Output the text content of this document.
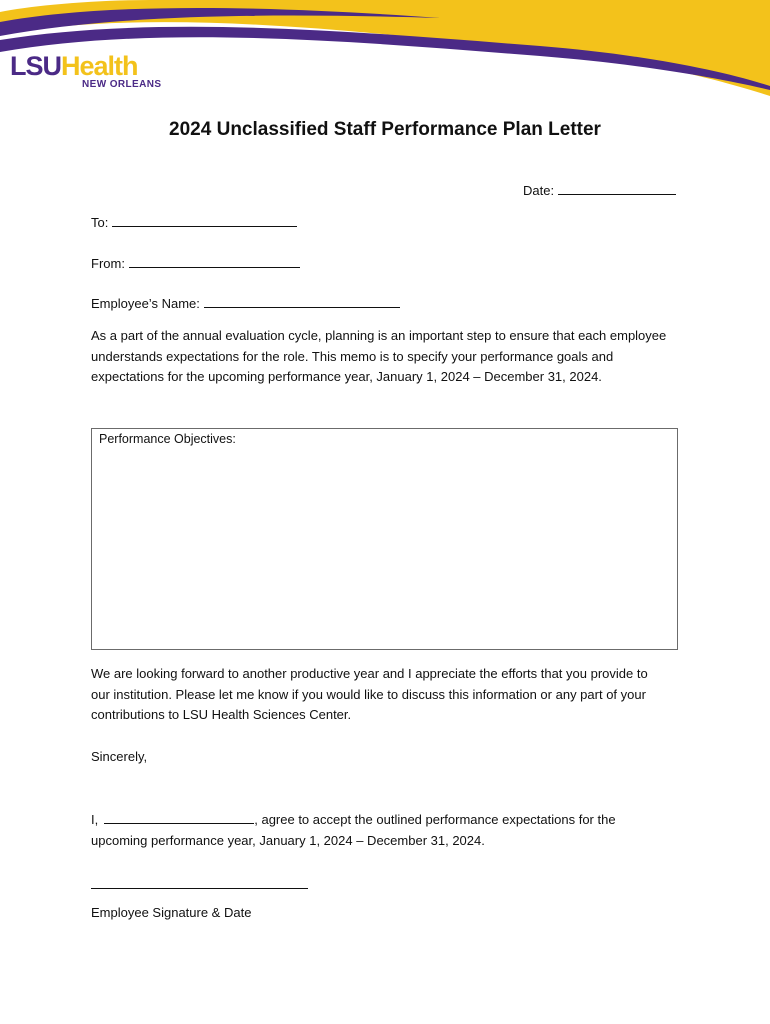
LSUHealth
NEW ORLEANS
2024 Unclassified Staff Performance Plan Letter
Date:
To:
From:
Employee’s Name:
As a part of the annual evaluation cycle, planning is an important step to ensure that each employee understands expectations for the role. This memo is to specify your performance goals and expectations for the upcoming performance year, January 1, 2024 – December 31, 2024.
Performance Objectives:
We are looking forward to another productive year and I appreciate the efforts that you provide to our institution. Please let me know if you would like to discuss this information or any part of your contributions to LSU Health Sciences Center.
Sincerely,
I,	, agree to accept the outlined performance expectations for the upcoming performance year, January 1, 2024 – December 31, 2024.
Employee Signature & Date
